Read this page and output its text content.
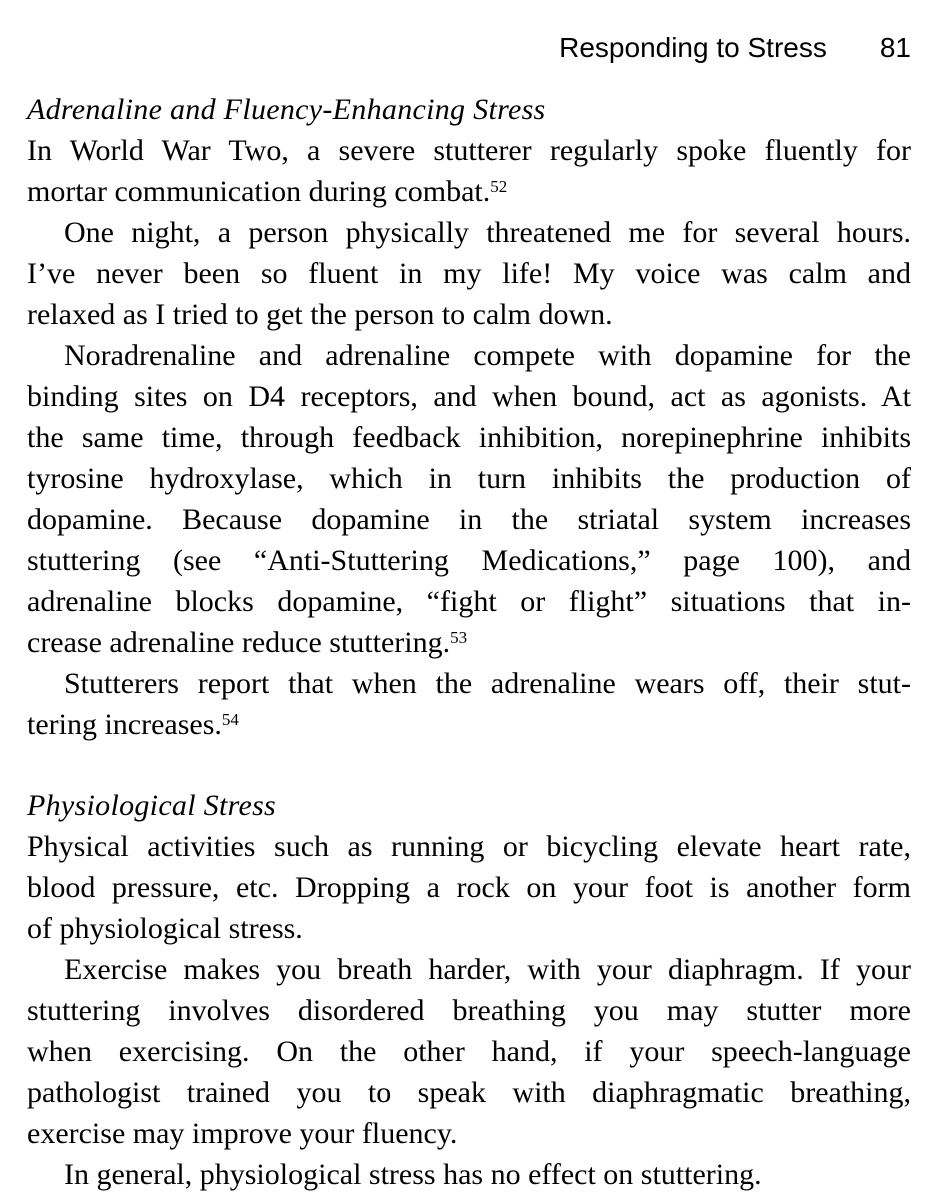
Responding to Stress 81
Adrenaline and Fluency-Enhancing Stress
In World War Two, a severe stutterer regularly spoke fluently for
mortar communication during combat.$^{52}$
One night, a person physically threatened me for several hours.
I’ve never been so fluent in my life! My voice was calm and
relaxed as I tried to get the person to calm down.
Noradrenaline and adrenaline compete with dopamine for the
binding sites on D4 receptors, and when bound, act as agonists. At
the same time, through feedback inhibition, norepinephrine inhibits
tyrosine hydroxylase, which in turn inhibits the production of
dopamine. Because dopamine in the striatal system increases
stuttering (see “Anti-Stuttering Medications,” page 100), and
adrenaline blocks dopamine, “fight or flight” situations that in-
crease adrenaline reduce stuttering.$^{53}$
Stutterers report that when the adrenaline wears off, their stut-
tering increases.$^{54}$
Physiological Stress
Physical activities such as running or bicycling elevate heart rate,
blood pressure, etc. Dropping a rock on your foot is another form
of physiological stress.
Exercise makes you breath harder, with your diaphragm. If your
stuttering involves disordered breathing you may stutter more
when exercising. On the other hand, if your speech-language
pathologist trained you to speak with diaphragmatic breathing,
exercise may improve your fluency.
In general, physiological stress has no effect on stuttering.
